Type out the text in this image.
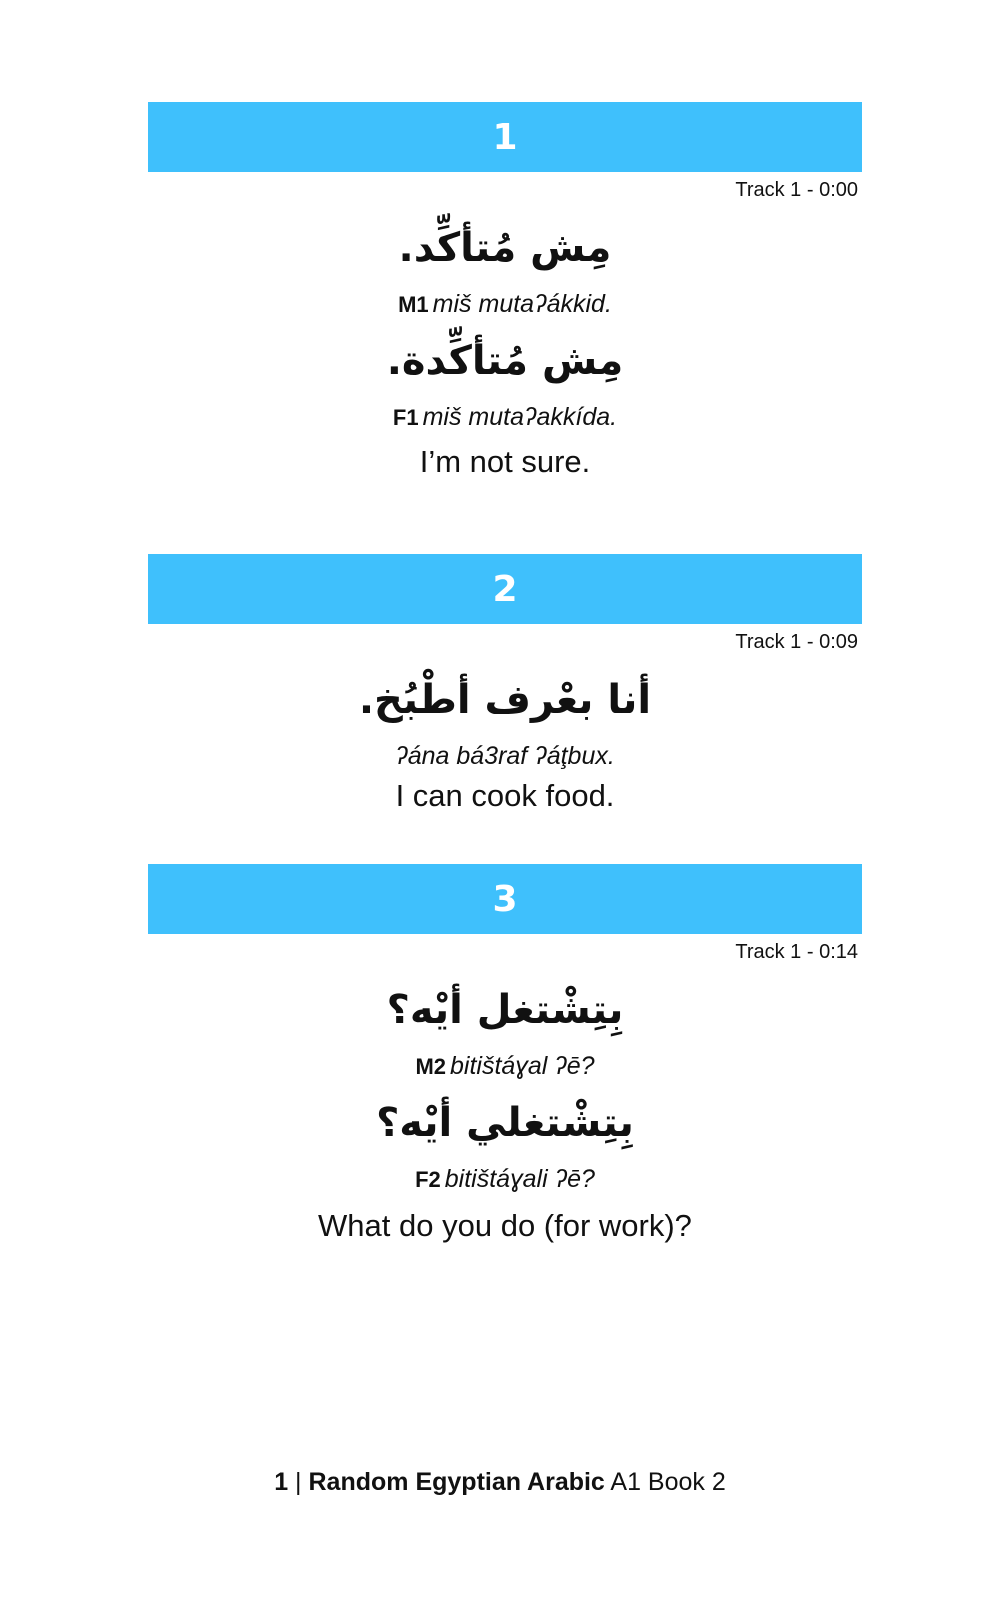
1
Track 1 - 0:00
مِش مُتأكِّد.
M1 miš mutaʔákkid.
مِش مُتأكِّدة.
F1 miš mutaʔakkída.
I’m not sure.
2
Track 1 - 0:09
أنا بعْرف أطْبُخ.
ʔána bá3raf ʔáţbux.
I can cook food.
3
Track 1 - 0:14
بِتِشْتغل أيْه؟
M2 bitištáɣal ʔē?
بِتِشْتغلي أيْه؟
F2 bitištáɣali ʔē?
What do you do (for work)?
1 | Random Egyptian Arabic A1 Book 2
